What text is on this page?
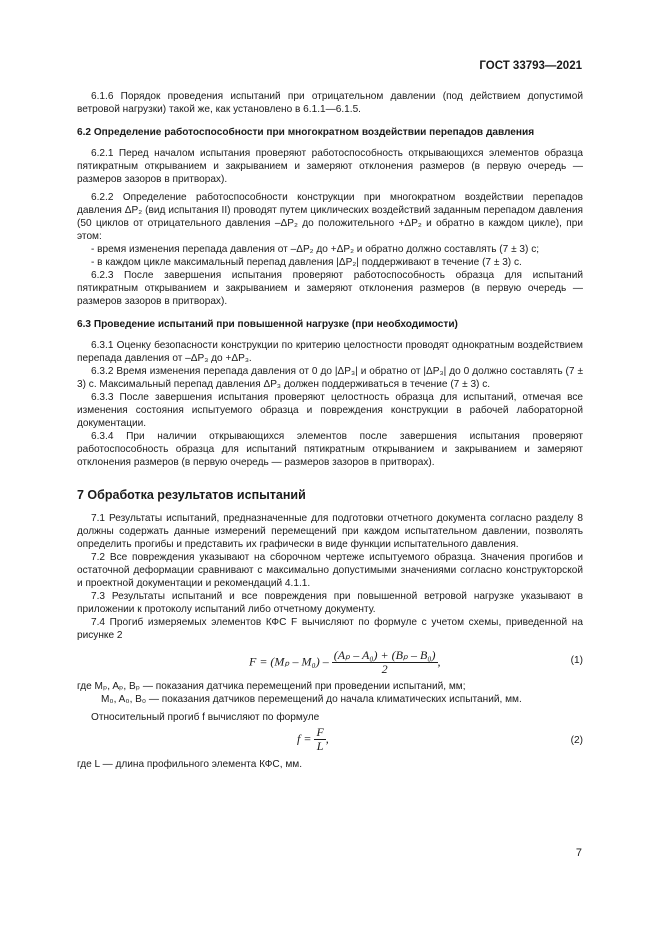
ГОСТ 33793—2021

6.1.6 Порядок проведения испытаний при отрицательном давлении (под действием допустимой ветровой нагрузки) такой же, как установлено в 6.1.1—6.1.5.

6.2 Определение работоспособности при многократном воздействии перепадов давления

6.2.1 Перед началом испытания проверяют работоспособность открывающихся элементов образца пятикратным открыванием и закрыванием и замеряют отклонения размеров (в первую очередь — размеров зазоров в притворах).

6.2.2 Определение работоспособности конструкции при многократном воздействии перепадов давления ΔP₂ (вид испытания II) проводят путем циклических воздействий заданным перепадом давления (50 циклов от отрицательного давления –ΔP₂ до положительного +ΔP₂ и обратно в каждом цикле), при этом:

- время изменения перепада давления от –ΔP₂ до +ΔP₂ и обратно должно составлять (7 ± 3) с;

- в каждом цикле максимальный перепад давления |ΔP₂| поддерживают в течение (7 ± 3) с.

6.2.3 После завершения испытания проверяют работоспособность образца для испытаний пятикратным открыванием и закрыванием и замеряют отклонения размеров (в первую очередь — размеров зазоров в притворах).

6.3 Проведение испытаний при повышенной нагрузке (при необходимости)

6.3.1 Оценку безопасности конструкции по критерию целостности проводят однократным воздействием перепада давления от –ΔP₃ до +ΔP₃.

6.3.2 Время изменения перепада давления от 0 до |ΔP₃| и обратно от |ΔP₃| до 0 должно составлять (7 ± 3) с. Максимальный перепад давления ΔP₃ должен поддерживаться в течение (7 ± 3) с.

6.3.3 После завершения испытания проверяют целостность образца для испытаний, отмечая все изменения состояния испытуемого образца и повреждения конструкции в рабочей лабораторной документации.

6.3.4 При наличии открывающихся элементов после завершения испытания проверяют работоспособность образца для испытаний пятикратным открыванием и закрыванием и замеряют отклонения размеров (в первую очередь — размеров зазоров в притворах).

7 Обработка результатов испытаний

7.1 Результаты испытаний, предназначенные для подготовки отчетного документа согласно разделу 8 должны содержать данные измерений перемещений при каждом испытательном давлении, позволять определить прогибы и представить их графически в виде функции испытательного давления.

7.2 Все повреждения указывают на сборочном чертеже испытуемого образца. Значения прогибов и остаточной деформации сравнивают с максимально допустимыми значениями согласно конструкторской и проектной документации и рекомендаций 4.1.1.

7.3 Результаты испытаний и все повреждения при повышенной ветровой нагрузке указывают в приложении к протоколу испытаний либо отчетному документу.

7.4 Прогиб измеряемых элементов КФС F вычисляют по формуле с учетом схемы, приведенной на рисунке 2

$F = (M_p - M_0) - \frac{\text{(Aₚ – A₀) + (Bₚ – B₀)}}{2}$ ,	(1)

где Mₚ, Aₚ, Bₚ — показания датчика перемещений при проведении испытаний, мм;

M₀, A₀, B₀ — показания датчиков перемещений до начала климатических испытаний, мм.

Относительный прогиб f вычисляют по формуле

$f = \frac{F}{L}$ ,	(2)

где L — длина профильного элемента КФС, мм.

7
